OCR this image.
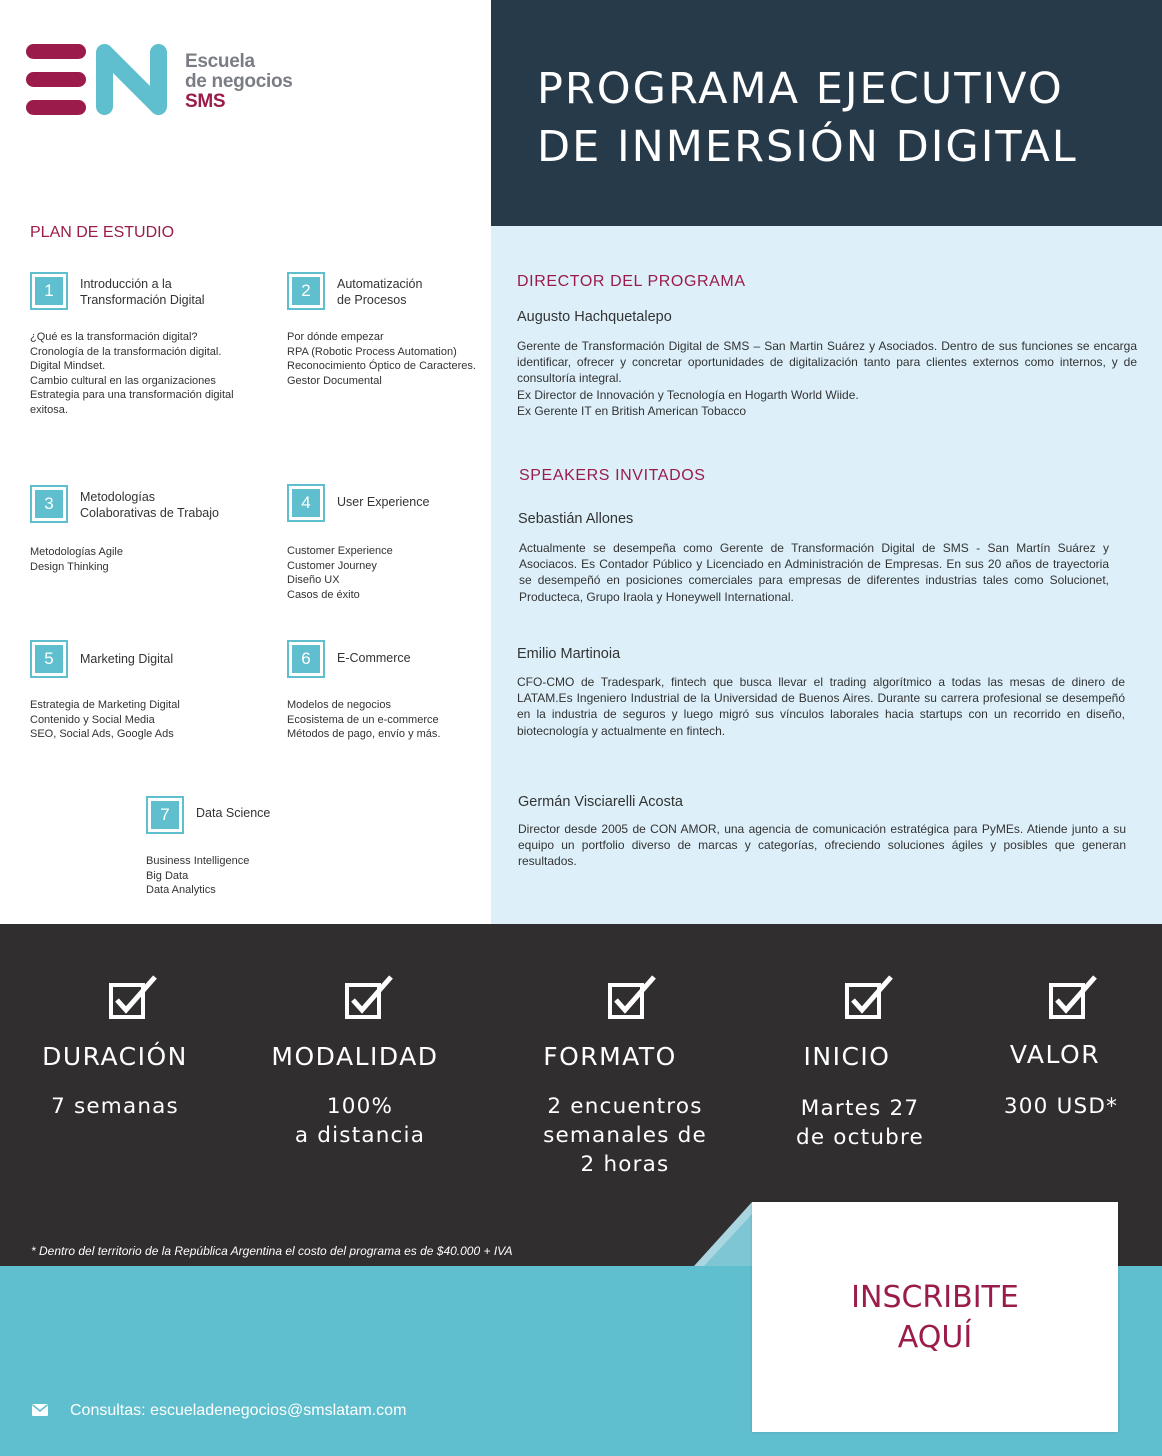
Escuela
de negocios
SMS	PROGRAMA EJECUTIVO
DE INMERSIÓN DIGITAL
PLAN DE ESTUDIO
1	Introducción a la
Transformación Digital
¿Qué es la transformación digital?
Cronología de la transformación digital.
Digital Mindset.
Cambio cultural en las organizaciones
Estrategia para una transformación digital
exitosa.
2	Automatización
de Procesos
Por dónde empezar
RPA (Robotic Process Automation)
Reconocimiento Óptico de Caracteres.
Gestor Documental
3	Metodologías
Colaborativas de Trabajo
Metodologías Agile
Design Thinking
4	User Experience
Customer Experience
Customer Journey
Diseño UX
Casos de éxito
5	Marketing Digital
Estrategia de Marketing Digital
Contenido y Social Media
SEO, Social Ads, Google Ads
6	E-Commerce
Modelos de negocios
Ecosistema de un e-commerce
Métodos de pago, envío y más.
7	Data Science
Business Intelligence
Big Data
Data Analytics
DIRECTOR DEL PROGRAMA
Augusto Hachquetalepo
Gerente de Transformación Digital de SMS – San Martin Suárez y Asociados. Dentro de sus funciones se encarga identificar, ofrecer y concretar oportunidades de digitalización tanto para clientes externos como internos, y de consultoría integral.
Ex Director de Innovación y Tecnología en Hogarth World Wiide.
Ex Gerente IT en British American Tobacco
SPEAKERS INVITADOS
Sebastián Allones
Actualmente se desempeña como Gerente de Transformación Digital de SMS - San Martín Suárez y Asociacos. Es Contador Público y Licenciado en Administración de Empresas. En sus 20 años de trayectoria se desempeñó en posiciones comerciales para empresas de diferentes industrias tales como Solucionet, Producteca, Grupo Iraola y Honeywell International.
Emilio Martinoia
CFO-CMO de Tradespark, fintech que busca llevar el trading algorítmico a todas las mesas de dinero de LATAM.Es Ingeniero Industrial de la Universidad de Buenos Aires. Durante su carrera profesional se desempeñó en la industria de seguros y luego migró sus vínculos laborales hacia startups con un recorrido en diseño, biotecnología y actualmente en fintech.
Germán Visciarelli Acosta
Director desde 2005 de CON AMOR, una agencia de comunicación estratégica para PyMEs. Atiende junto a su equipo un portfolio diverso de marcas y categorías, ofreciendo soluciones ágiles y posibles que generan resultados.
DURACIÓN
7 semanas
MODALIDAD
100%
a distancia
FORMATO
2 encuentros
semanales de
2 horas
INICIO
Martes 27
de octubre
VALOR
300 USD*
* Dentro del territorio de la República Argentina el costo del programa es de $40.000 + IVA
INSCRIBITE
AQUÍ
Consultas: escueladenegocios@smslatam.com
